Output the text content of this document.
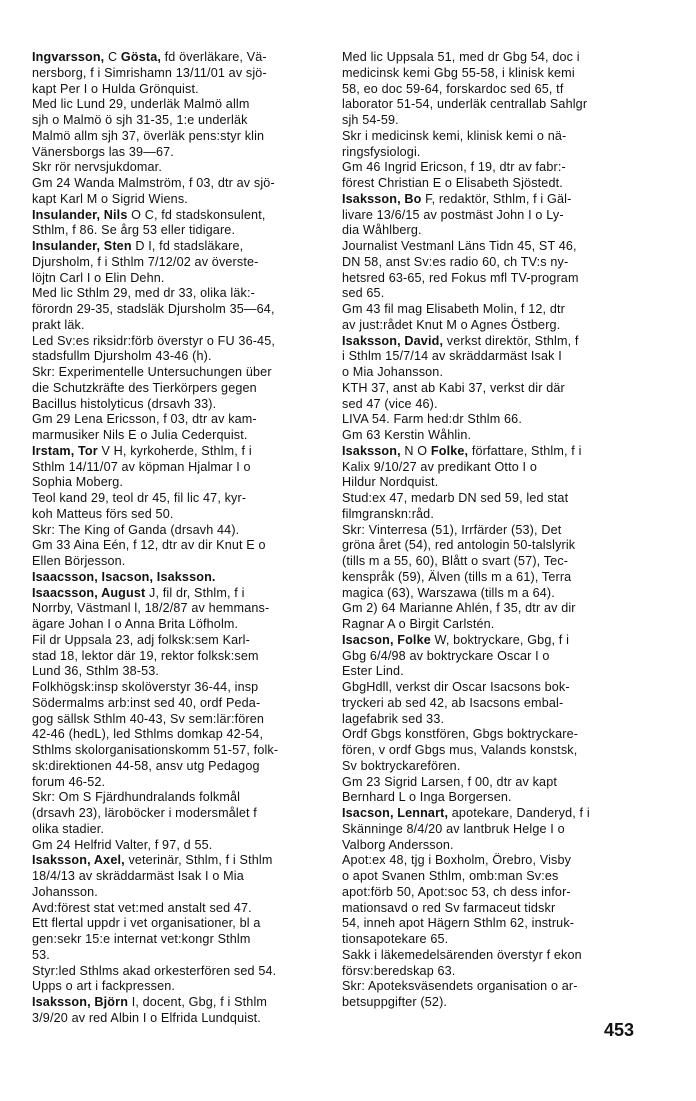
Ingvarsson, C Gösta, fd överläkare, Vä-
nersborg, f i Simrishamn 13/11/01 av sjö-
kapt Per I o Hulda Grönquist.
Med lic Lund 29, underläk Malmö allm
sjh o Malmö ö sjh 31-35, 1:e underläk
Malmö allm sjh 37, överläk pens:styr klin
Vänersborgs las 39—67.
Skr rör nervsjukdomar.
Gm 24 Wanda Malmström, f 03, dtr av sjö-
kapt Karl M o Sigrid Wiens.
Insulander, Nils O C, fd stadskonsulent,
Sthlm, f 86. Se årg 53 eller tidigare.
Insulander, Sten D I, fd stadsläkare,
Djursholm, f i Sthlm 7/12/02 av överste-
löjtn Carl I o Elin Dehn.
Med lic Sthlm 29, med dr 33, olika läk:-
förordn 29-35, stadsläk Djursholm 35—64,
prakt läk.
Led Sv:es riksidr:förb överstyr o FU 36-45,
stadsfullm Djursholm 43-46 (h).
Skr: Experimentelle Untersuchungen über
die Schutzkräfte des Tierkörpers gegen
Bacillus histolyticus (drsavh 33).
Gm 29 Lena Ericsson, f 03, dtr av kam-
marmusiker Nils E o Julia Cederquist.
Irstam, Tor V H, kyrkoherde, Sthlm, f i
Sthlm 14/11/07 av köpman Hjalmar I o
Sophia Moberg.
Teol kand 29, teol dr 45, fil lic 47, kyr-
koh Matteus förs sed 50.
Skr: The King of Ganda (drsavh 44).
Gm 33 Aina Eén, f 12, dtr av dir Knut E o
Ellen Börjesson.
Isaacsson, Isacson, Isaksson.
Isaacsson, August J, fil dr, Sthlm, f i
Norrby, Västmanl l, 18/2/87 av hemmans-
ägare Johan I o Anna Brita Löfholm.
Fil dr Uppsala 23, adj folksk:sem Karl-
stad 18, lektor där 19, rektor folksk:sem
Lund 36, Sthlm 38-53.
Folkhögsk:insp skolöverstyr 36-44, insp
Södermalms arb:inst sed 40, ordf Peda-
gog sällsk Sthlm 40-43, Sv sem:lär:fören
42-46 (hedL), led Sthlms domkap 42-54,
Sthlms skolorganisationskomm 51-57, folk-
sk:direktionen 44-58, ansv utg Pedagog
forum 46-52.
Skr: Om S Fjärdhundralands folkmål
(drsavh 23), läroböcker i modersmålet f
olika stadier.
Gm 24 Helfrid Valter, f 97, d 55.
Isaksson, Axel, veterinär, Sthlm, f i Sthlm
18/4/13 av skräddarmäst Isak I o Mia
Johansson.
Avd:förest stat vet:med anstalt sed 47.
Ett flertal uppdr i vet organisationer, bl a
gen:sekr 15:e internat vet:kongr Sthlm
53.
Styr:led Sthlms akad orkesterfören sed 54.
Upps o art i fackpressen.
Isaksson, Björn I, docent, Gbg, f i Sthlm
3/9/20 av red Albin I o Elfrida Lundquist.
Med lic Uppsala 51, med dr Gbg 54, doc i
medicinsk kemi Gbg 55-58, i klinisk kemi
58, eo doc 59-64, forskardoc sed 65, tf
laborator 51-54, underläk centrallab Sahlgr
sjh 54-59.
Skr i medicinsk kemi, klinisk kemi o nä-
ringsfysiologi.
Gm 46 Ingrid Ericson, f 19, dtr av fabr:-
förest Christian E o Elisabeth Sjöstedt.
Isaksson, Bo F, redaktör, Sthlm, f i Gäl-
livare 13/6/15 av postmäst John I o Ly-
dia Wåhlberg.
Journalist Vestmanl Läns Tidn 45, ST 46,
DN 58, anst Sv:es radio 60, ch TV:s ny-
hetsred 63-65, red Fokus mfl TV-program
sed 65.
Gm 43 fil mag Elisabeth Molin, f 12, dtr
av just:rådet Knut M o Agnes Östberg.
Isaksson, David, verkst direktör, Sthlm, f
i Sthlm 15/7/14 av skräddarmäst Isak I
o Mia Johansson.
KTH 37, anst ab Kabi 37, verkst dir där
sed 47 (vice 46).
LIVA 54. Farm hed:dr Sthlm 66.
Gm 63 Kerstin Wåhlin.
Isaksson, N O Folke, författare, Sthlm, f i
Kalix 9/10/27 av predikant Otto I o
Hildur Nordquist.
Stud:ex 47, medarb DN sed 59, led stat
filmgranskn:råd.
Skr: Vinterresa (51), Irrfärder (53), Det
gröna året (54), red antologin 50-talslyrik
(tills m a 55, 60), Blått o svart (57), Tec-
kenspråk (59), Älven (tills m a 61), Terra
magica (63), Warszawa (tills m a 64).
Gm 2) 64 Marianne Ahlén, f 35, dtr av dir
Ragnar A o Birgit Carlstén.
Isacson, Folke W, boktryckare, Gbg, f i
Gbg 6/4/98 av boktryckare Oscar I o
Ester Lind.
GbgHdll, verkst dir Oscar Isacsons bok-
tryckeri ab sed 42, ab Isacsons embal-
lagefabrik sed 33.
Ordf Gbgs konstfören, Gbgs boktryckare-
fören, v ordf Gbgs mus, Valands konstsk,
Sv boktryckarefören.
Gm 23 Sigrid Larsen, f 00, dtr av kapt
Bernhard L o Inga Borgersen.
Isacson, Lennart, apotekare, Danderyd, f i
Skänninge 8/4/20 av lantbruk Helge I o
Valborg Andersson.
Apot:ex 48, tjg i Boxholm, Örebro, Visby
o apot Svanen Sthlm, omb:man Sv:es
apot:förb 50, Apot:soc 53, ch dess infor-
mationsavd o red Sv farmaceut tidskr
54, inneh apot Hägern Sthlm 62, instruk-
tionsapotekare 65.
Sakk i läkemedelsärenden överstyr f ekon
försv:beredskap 63.
Skr: Apoteksväsendets organisation o ar-
betsuppgifter (52).
453
